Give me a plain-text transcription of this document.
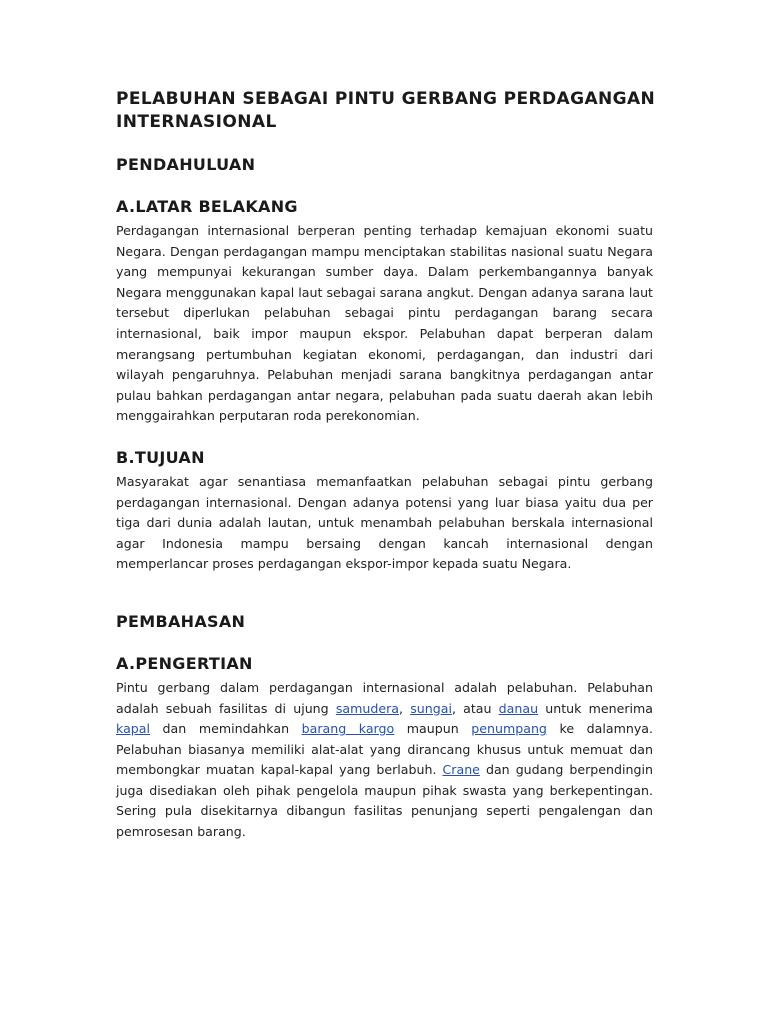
PELABUHAN SEBAGAI PINTU GERBANG PERDAGANGAN INTERNASIONAL
PENDAHULUAN
A.LATAR BELAKANG

Perdagangan internasional berperan penting terhadap kemajuan ekonomi suatu Negara. Dengan perdagangan mampu menciptakan stabilitas nasional suatu Negara yang mempunyai kekurangan sumber daya. Dalam perkembangannya banyak Negara menggunakan kapal laut sebagai sarana angkut. Dengan adanya sarana laut tersebut diperlukan pelabuhan sebagai pintu perdagangan barang secara internasional, baik impor maupun ekspor. Pelabuhan dapat berperan dalam merangsang pertumbuhan kegiatan ekonomi, perdagangan, dan industri dari wilayah pengaruhnya. Pelabuhan menjadi sarana bangkitnya perdagangan antar pulau bahkan perdagangan antar negara, pelabuhan pada suatu daerah akan lebih menggairahkan perputaran roda perekonomian.

B.TUJUAN

Masyarakat agar senantiasa memanfaatkan pelabuhan sebagai pintu gerbang perdagangan internasional. Dengan adanya potensi yang luar biasa yaitu dua per tiga dari dunia adalah lautan, untuk menambah pelabuhan berskala internasional agar Indonesia mampu bersaing dengan kancah internasional dengan memperlancar proses perdagangan ekspor-impor kepada suatu Negara.

PEMBAHASAN
A.PENGERTIAN

Pintu gerbang dalam perdagangan internasional adalah pelabuhan. Pelabuhan adalah sebuah fasilitas di ujung samudera, sungai, atau danau untuk menerima kapal dan memindahkan barang kargo maupun penumpang ke dalamnya. Pelabuhan biasanya memiliki alat-alat yang dirancang khusus untuk memuat dan membongkar muatan kapal-kapal yang berlabuh. Crane dan gudang berpendingin juga disediakan oleh pihak pengelola maupun pihak swasta yang berkepentingan. Sering pula disekitarnya dibangun fasilitas penunjang seperti pengalengan dan pemrosesan barang.
